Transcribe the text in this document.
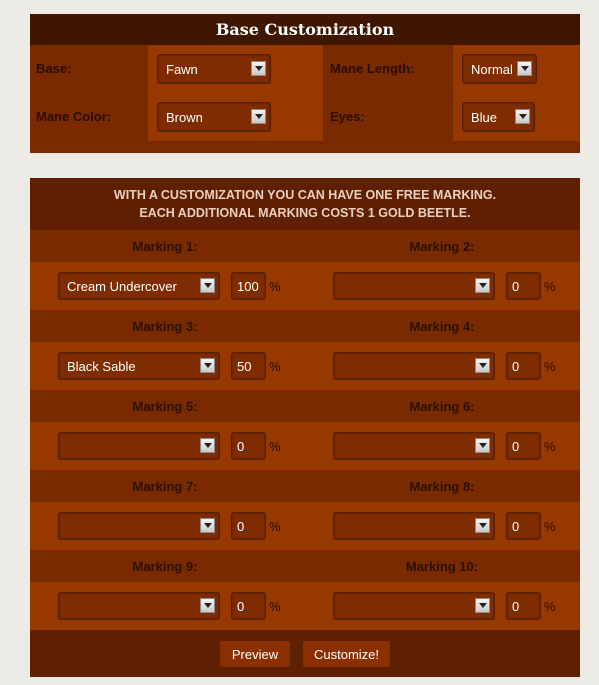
Base Customization
Base:	Fawn	Mane Length:	Normal
Mane Color:	Brown	Eyes:	Blue
WITH A CUSTOMIZATION YOU CAN HAVE ONE FREE MARKING.
EACH ADDITIONAL MARKING COSTS 1 GOLD BEETLE.
Marking 1:
Cream Undercover	100 %
Marking 2:
0	%
Marking 3:
Black Sable	50	%
Marking 4:
0	%
Marking 5:
0	%
Marking 6:
0	%
Marking 7:
0	%
Marking 8:
0	%
Marking 9:
0	%
Marking 10:
0	%
Preview	Customize!
